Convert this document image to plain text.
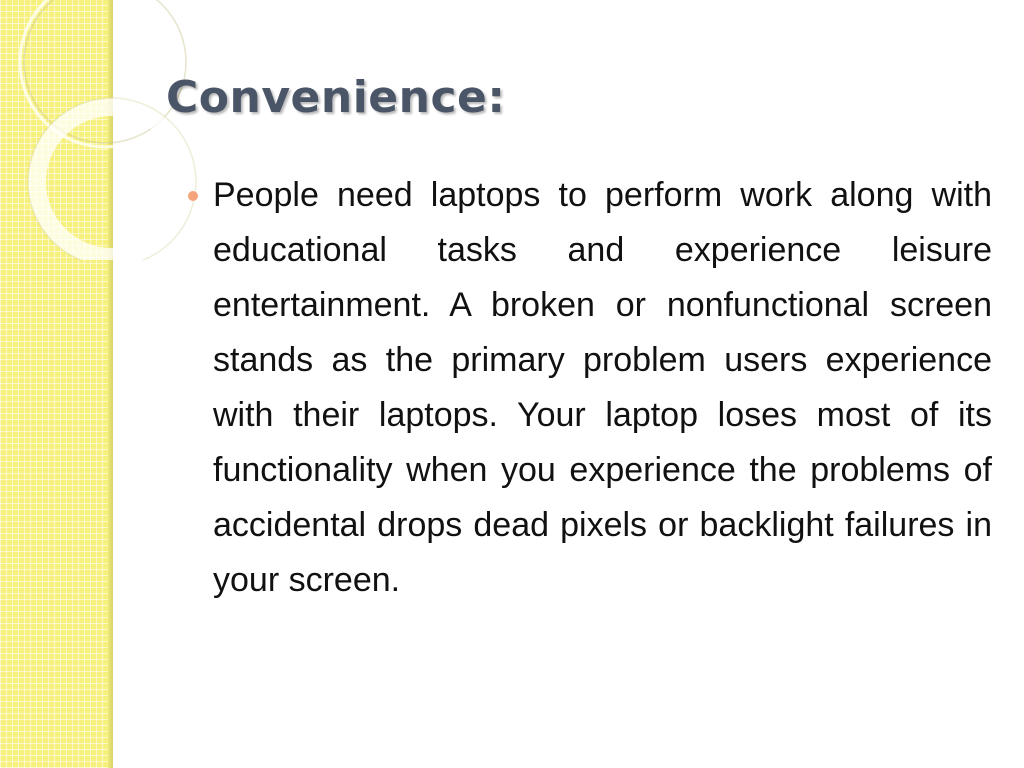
Convenience:
People need laptops to perform work along with educational tasks and experience leisure entertainment. A broken or nonfunctional screen stands as the primary problem users experience with their laptops. Your laptop loses most of its functionality when you experience the problems of accidental drops dead pixels or backlight failures in your screen.
